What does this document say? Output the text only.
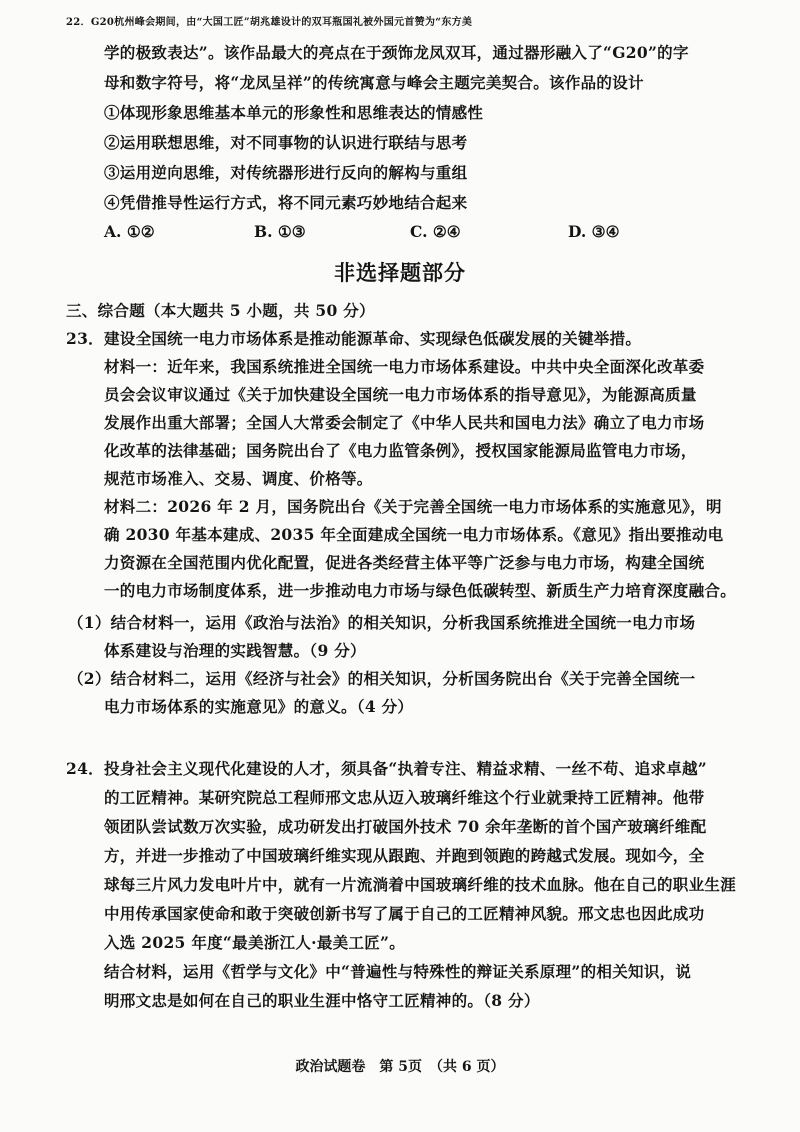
22．G20杭州峰会期间，由“大国工匠”胡兆雄设计的双耳瓶国礼被外国元首赞为“东方美
学的极致表达”。该作品最大的亮点在于颈饰龙凤双耳，通过器形融入了“G20”的字
母和数字符号，将“龙凤呈祥”的传统寓意与峰会主题完美契合。该作品的设计
①体现形象思维基本单元的形象性和思维表达的情感性
②运用联想思维，对不同事物的认识进行联结与思考
③运用逆向思维，对传统器形进行反向的解构与重组
④凭借推导性运行方式，将不同元素巧妙地结合起来
A. ①②	B. ①③	C. ②④	D. ③④
非选择题部分
三、综合题（本大题共 5 小题，共 50 分）
23．建设全国统一电力市场体系是推动能源革命、实现绿色低碳发展的关键举措。
材料一：近年来，我国系统推进全国统一电力市场体系建设。中共中央全面深化改革委
员会会议审议通过《关于加快建设全国统一电力市场体系的指导意见》，为能源高质量
发展作出重大部署；全国人大常委会制定了《中华人民共和国电力法》确立了电力市场
化改革的法律基础；国务院出台了《电力监管条例》，授权国家能源局监管电力市场，
规范市场准入、交易、调度、价格等。
材料二：2026 年 2 月，国务院出台《关于完善全国统一电力市场体系的实施意见》，明
确 2030 年基本建成、2035 年全面建成全国统一电力市场体系。《意见》指出要推动电
力资源在全国范围内优化配置，促进各类经营主体平等广泛参与电力市场，构建全国统
一的电力市场制度体系，进一步推动电力市场与绿色低碳转型、新质生产力培育深度融合。
（1）结合材料一，运用《政治与法治》的相关知识，分析我国系统推进全国统一电力市场
体系建设与治理的实践智慧。（9 分）
（2）结合材料二，运用《经济与社会》的相关知识，分析国务院出台《关于完善全国统一
电力市场体系的实施意见》的意义。（4 分）
24．投身社会主义现代化建设的人才，须具备“执着专注、精益求精、一丝不苟、追求卓越”
的工匠精神。某研究院总工程师邢文忠从迈入玻璃纤维这个行业就秉持工匠精神。他带
领团队尝试数万次实验，成功研发出打破国外技术 70 余年垄断的首个国产玻璃纤维配
方，并进一步推动了中国玻璃纤维实现从跟跑、并跑到领跑的跨越式发展。现如今，全
球每三片风力发电叶片中，就有一片流淌着中国玻璃纤维的技术血脉。他在自己的职业生涯
中用传承国家使命和敢于突破创新书写了属于自己的工匠精神风貌。邢文忠也因此成功
入选 2025 年度“最美浙江人·最美工匠”。
结合材料，运用《哲学与文化》中“普遍性与特殊性的辩证关系原理”的相关知识，说
明邢文忠是如何在自己的职业生涯中恪守工匠精神的。（8 分）
政治试题卷　第 5页　（共 6 页）
